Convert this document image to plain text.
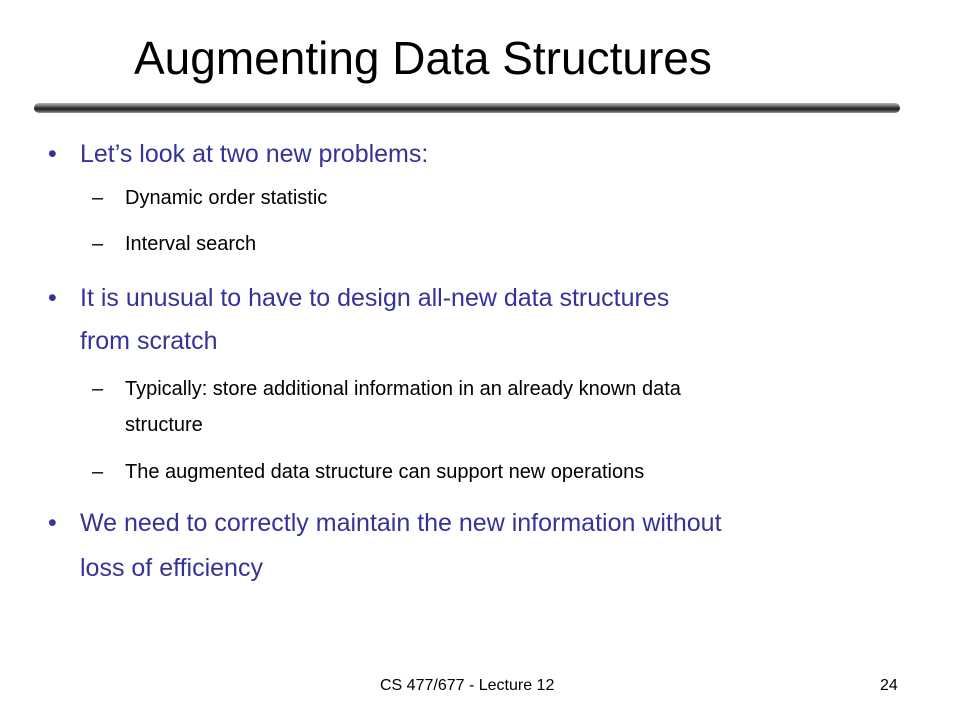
Augmenting Data Structures
• Let’s look at two new problems:
– Dynamic order statistic
– Interval search
• It is unusual to have to design all-new data structures
from scratch
– Typically: store additional information in an already known data
structure
– The augmented data structure can support new operations
• We need to correctly maintain the new information without
loss of efficiency
CS 477/677 - Lecture 12	24
